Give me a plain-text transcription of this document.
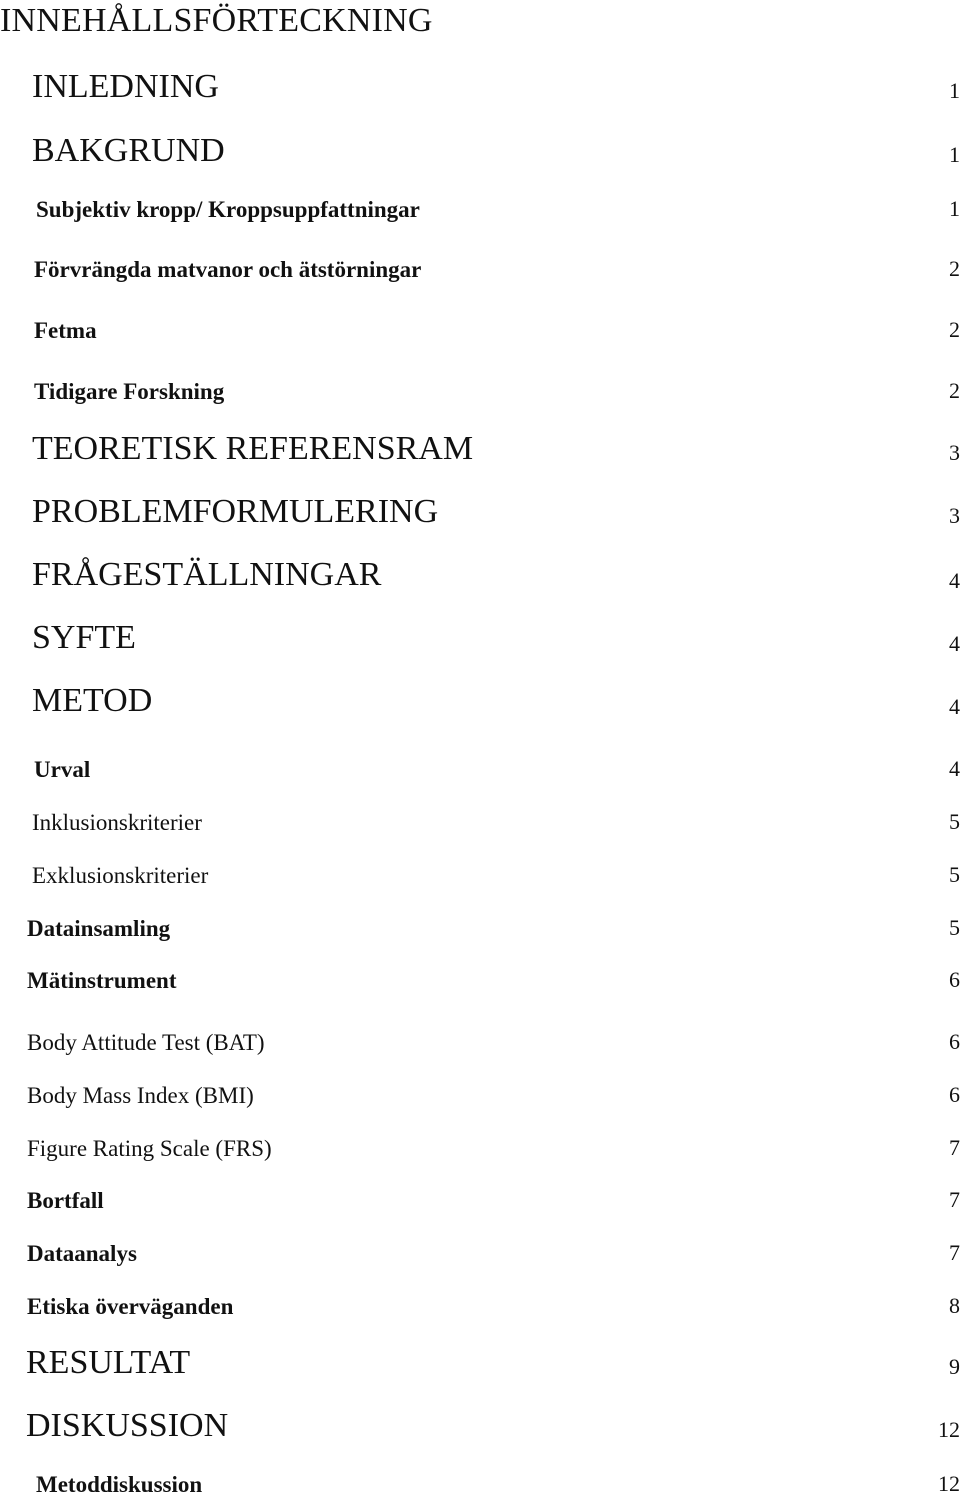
INNEHÅLLSFÖRTECKNING
INLEDNING	1
BAKGRUND	1
Subjektiv kropp/ Kroppsuppfattningar	1
Förvrängda matvanor och ätstörningar	2
Fetma	2
Tidigare Forskning	2
TEORETISK REFERENSRAM	3
PROBLEMFORMULERING	3
FRÅGESTÄLLNINGAR	4
SYFTE	4
METOD	4
Urval	4
Inklusionskriterier	5
Exklusionskriterier	5
Datainsamling	5
Mätinstrument	6
Body Attitude Test (BAT)	6
Body Mass Index (BMI)	6
Figure Rating Scale (FRS)	7
Bortfall	7
Dataanalys	7
Etiska överväganden	8
RESULTAT	9
DISKUSSION	12
Metoddiskussion	12
